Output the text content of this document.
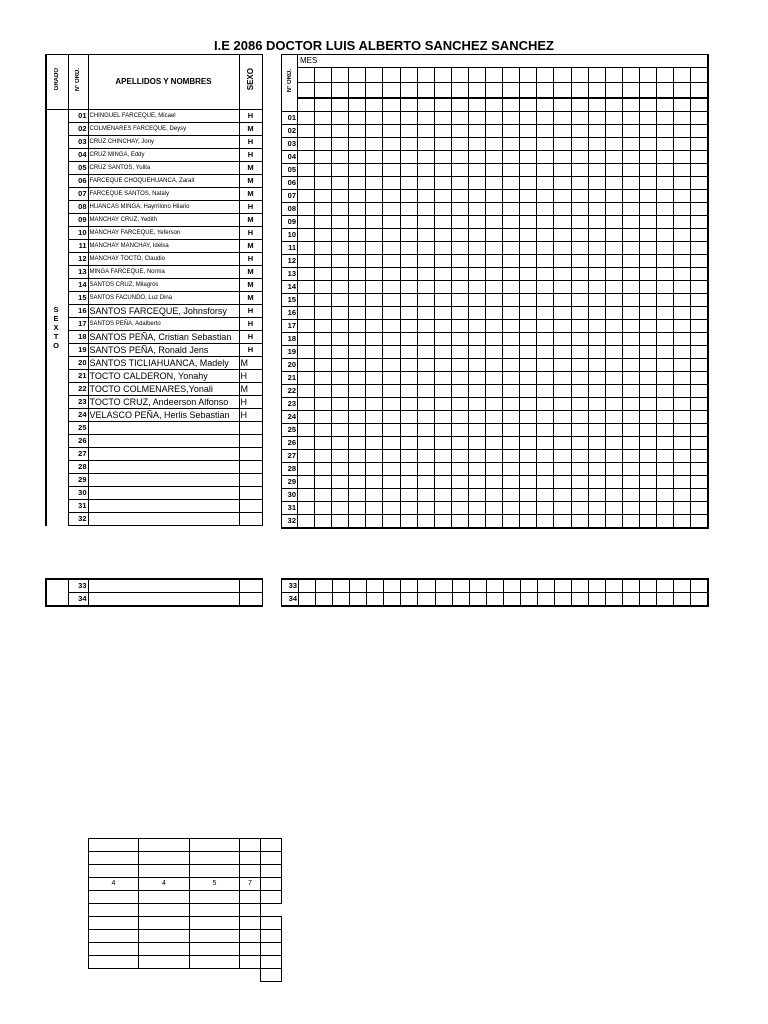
I.E 2086 DOCTOR LUIS ALBERTO SANCHEZ SANCHEZ
S E X T O
GRADO	Nº ORD.	APELLIDOS Y NOMBRES	SEXO
	01	CHINGUEL FARCEQUE, Micael	H
	02	COLMENARES FARCEQUE, Deysy	M
	03	CRUZ CHINCHAY, Jony	H
	04	CRUZ MINGA, Eddy	H
	05	CRUZ SANTOS, Yulita	M
	06	FARCEQUE CHOQUEHUANCA, Zarait	M
	07	FARCEQUE SANTOS, Nataly	M
	08	HUANCAS MINGA, Hayrrilono Hilario	H
	09	MANCHAY CRUZ, Yedith	M
	10	MANCHAY FARCEQUE, Yeferson	H
	11	MANCHAY MANCHAY, Idelsa	M
	12	MANCHAY TOCTO, Claudio	H
	13	MINGA FARCEQUE, Norma	M
	14	SANTOS CRUZ, Milagros	M
	15	SANTOS FACUNDO, Luz Dina	M
	16	SANTOS FARCEQUE, Johnsforsy	H
	17	SANTOS PEÑA, Adalberto	H
	18	SANTOS PEÑA, Cristian Sebastian	H
	19	SANTOS PEÑA, Ronald Jens	H
	20	SANTOS TICLIAHUANCA, Madely	M
	21	TOCTO CALDERON, Yonahy	H
	22	TOCTO COLMENARES,Yonali	M
	23	TOCTO CRUZ, Andeerson Alfonso	H
	24	VELASCO PEÑA, Herlis Sebastian	H
	25		
	26		
	27		
	28		
	29		
	30		
	31		
	32		
Nº ORD.	MES																							

01																								
02																								
03																								
04																								
05																								
06																								
07																								
08																								
09																								
10																								
11																								
12																								
13																								
14																								
15																								
16																								
17																								
18																								
19																								
20																								
21																								
22																								
23																								
24																								
25																								
26																								
27																								
28																								
29																								
30																								
31																								
32																								
	33		
	34		
33																								
34																								

4	4	5	7	
